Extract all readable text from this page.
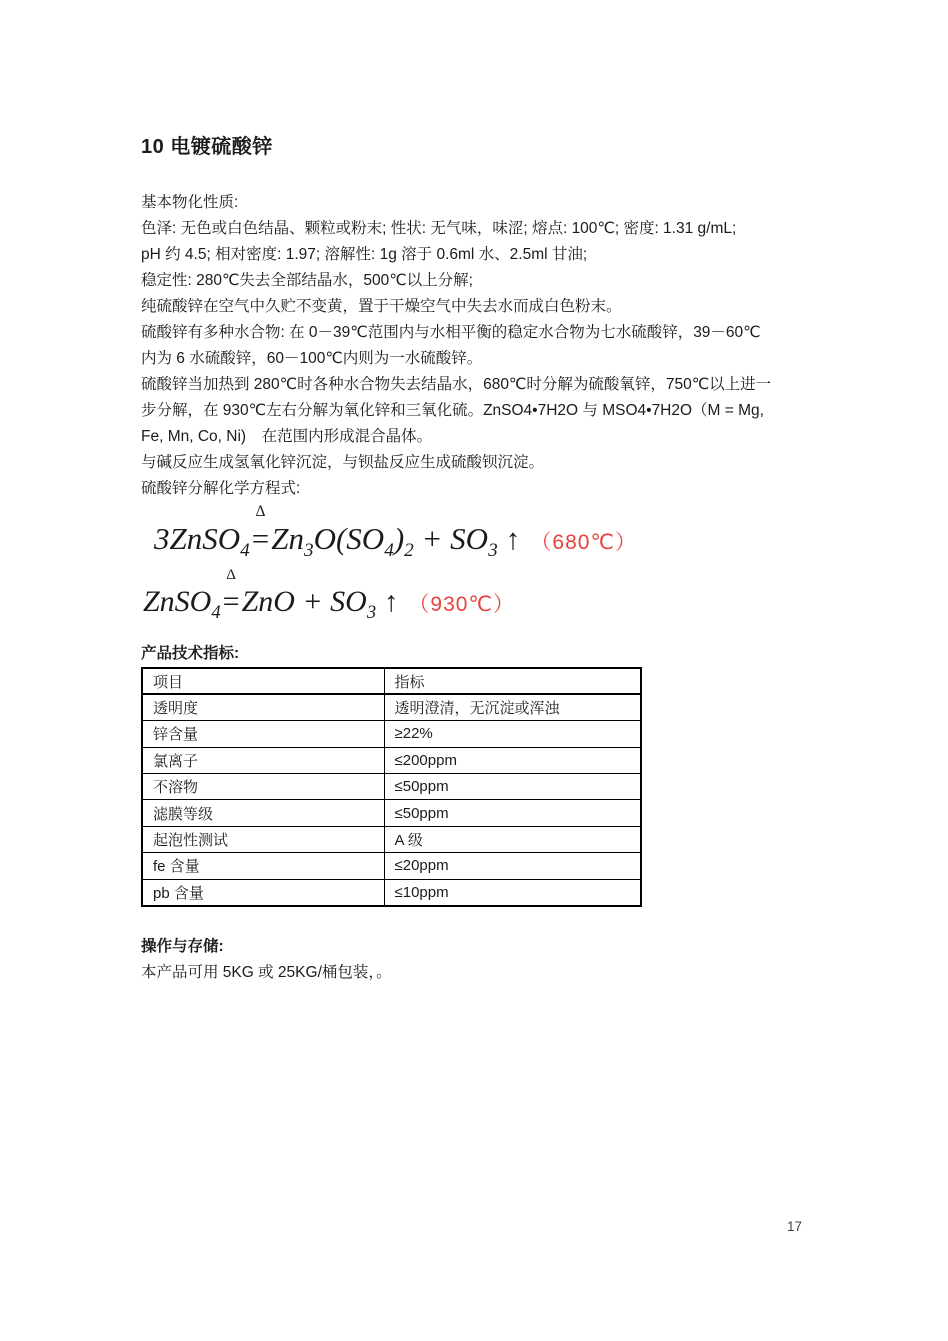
10 电镀硫酸锌
基本物化性质:
色泽: 无色或白色结晶、颗粒或粉末; 性状: 无气味，味涩; 熔点: 100℃; 密度: 1.31 g/mL;
pH 约 4.5; 相对密度: 1.97; 溶解性: 1g 溶于 0.6ml 水、2.5ml 甘油;
稳定性: 280℃失去全部结晶水，500℃以上分解;
纯硫酸锌在空气中久贮不变黄，置于干燥空气中失去水而成白色粉末。
硫酸锌有多种水合物: 在 0－39℃范围内与水相平衡的稳定水合物为七水硫酸锌，39－60℃
内为 6 水硫酸锌，60－100℃内则为一水硫酸锌。
硫酸锌当加热到 280℃时各种水合物失去结晶水，680℃时分解为硫酸氧锌，750℃以上进一
步分解，在 930℃左右分解为氧化锌和三氧化硫。ZnSO4•7H2O 与 MSO4•7H2O（M = Mg,
Fe, Mn, Co, Ni)　在范围内形成混合晶体。
与碱反应生成氢氧化锌沉淀，与钡盐反应生成硫酸钡沉淀。
硫酸锌分解化学方程式:
3ZnSO$_4$
Δ
$=Zn_3O(SO_4)_2 + SO_3$ ↑ （680℃）
ZnSO$_4$
Δ
$=ZnO + SO_3$ ↑ （930℃）
产品技术指标:
项目	指标
透明度	透明澄清，无沉淀或浑浊
锌含量	≥22%
氯离子	≤200ppm
不溶物	≤50ppm
滤膜等级	≤50ppm
起泡性测试	A 级
fe 含量	≤20ppm
pb 含量	≤10ppm
操作与存储:
本产品可用 5KG 或 25KG/桶包装，。
17
